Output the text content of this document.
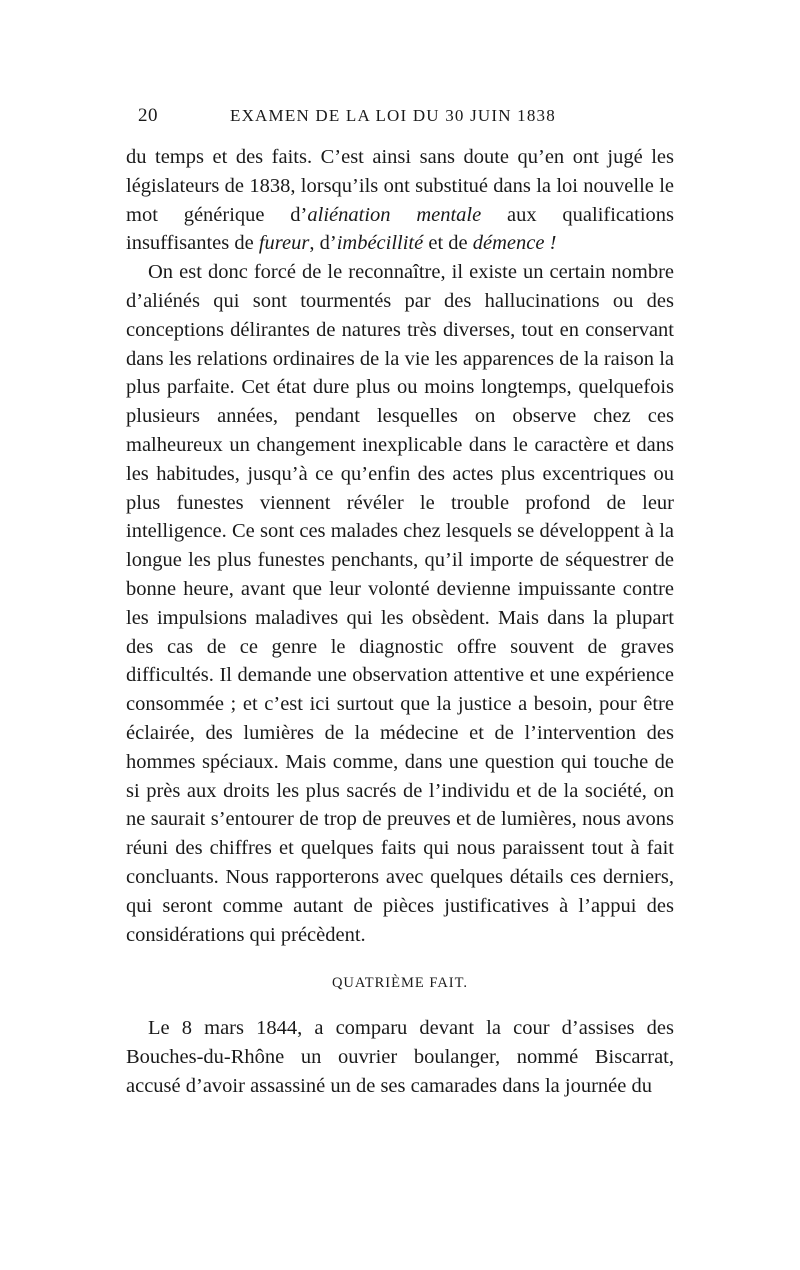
20	EXAMEN DE LA LOI DU 30 JUIN 1838

du temps et des faits. C’est ainsi sans doute qu’en ont jugé les législateurs de 1838, lorsqu’ils ont substitué dans la loi nouvelle le mot générique d’aliénation mentale aux qualifications insuffisantes de fureur, d’imbécillité et de démence !

On est donc forcé de le reconnaître, il existe un certain nombre d’aliénés qui sont tourmentés par des hallucinations ou des conceptions délirantes de natures très diverses, tout en conservant dans les relations ordinaires de la vie les apparences de la raison la plus parfaite. Cet état dure plus ou moins longtemps, quelquefois plusieurs années, pendant lesquelles on observe chez ces malheureux un changement inexplicable dans le caractère et dans les habitudes, jusqu’à ce qu’enfin des actes plus excentriques ou plus funestes viennent révéler le trouble profond de leur intelligence. Ce sont ces malades chez lesquels se développent à la longue les plus funestes penchants, qu’il importe de séquestrer de bonne heure, avant que leur volonté devienne impuissante contre les impulsions maladives qui les obsèdent. Mais dans la plupart des cas de ce genre le diagnostic offre souvent de graves difficultés. Il demande une observation attentive et une expérience consommée ; et c’est ici surtout que la justice a besoin, pour être éclairée, des lumières de la médecine et de l’intervention des hommes spéciaux. Mais comme, dans une question qui touche de si près aux droits les plus sacrés de l’individu et de la société, on ne saurait s’entourer de trop de preuves et de lumières, nous avons réuni des chiffres et quelques faits qui nous paraissent tout à fait concluants. Nous rapporterons avec quelques détails ces derniers, qui seront comme autant de pièces justificatives à l’appui des considérations qui précèdent.

QUATRIÈME FAIT.

Le 8 mars 1844, a comparu devant la cour d’assises des Bouches-du-Rhône un ouvrier boulanger, nommé Biscarrat, accusé d’avoir assassiné un de ses camarades dans la journée du
